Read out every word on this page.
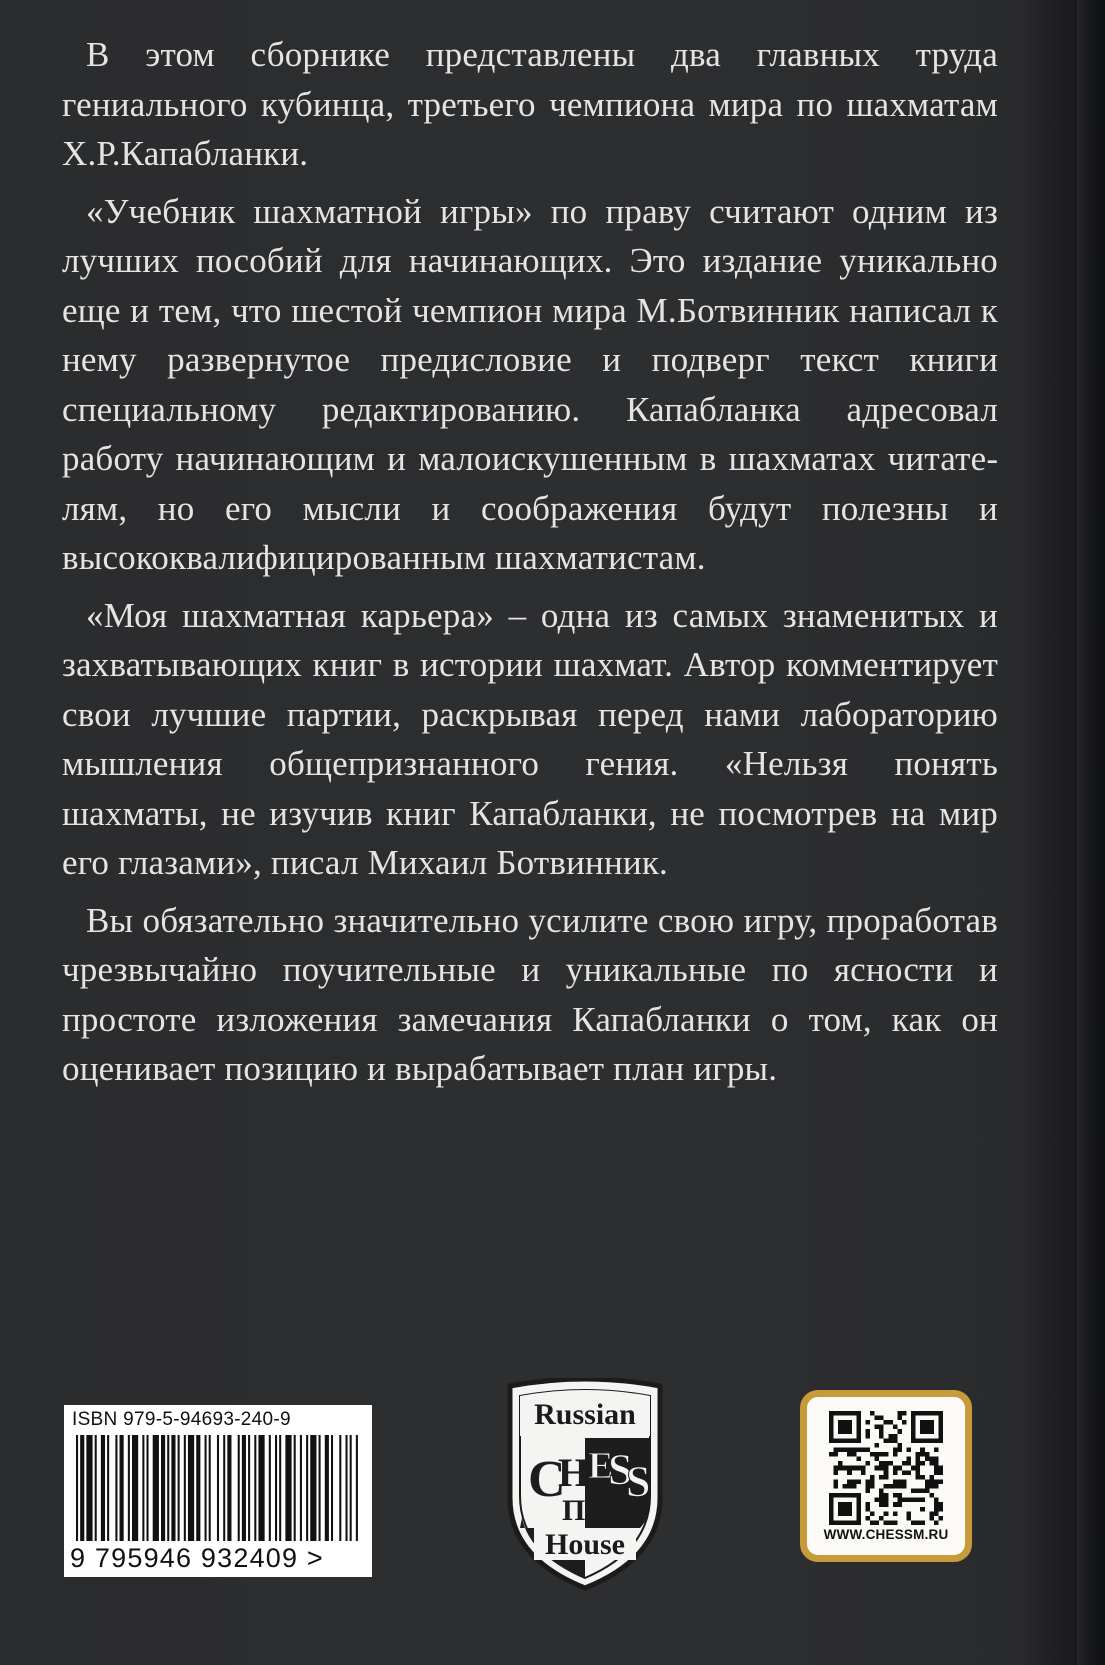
В этом сборнике представлены два главных труда гениального кубинца, третьего чемпиона мира по шахматам Х.Р.Капабланки.

«Учебник шахматной игры» по праву считают одним из лучших пособий для начинающих. Это издание уникально еще и тем, что шестой чемпион мира М.Ботвинник написал к нему развернутое предисловие и подверг текст книги специальному редактированию. Капабланка адресовал работу начинающим и малоискушенным в шахматах читателям, но его мысли и соображения будут полезны и высококвалифицированным шахматистам.

«Моя шахматная карьера» – одна из самых знаменитых и захватывающих книг в истории шахмат. Автор комментирует свои лучшие партии, раскрывая перед нами лабораторию мышления общепризнанного гения. «Нельзя понять шахматы, не изучив книг Капабланки, не посмотрев на мир его глазами», писал Михаил Ботвинник.

Вы обязательно значительно усилите свою игру, проработав чрезвычайно поучительные и уникальные по ясности и простоте изложения замечания Капабланки о том, как он оценивает позицию и вырабатывает план игры.

ISBN 979-5-94693-240-9
9 795946 932409 >
Russian
C
H
E
S
S
ПS
House	WWW.CHESSM.RU
